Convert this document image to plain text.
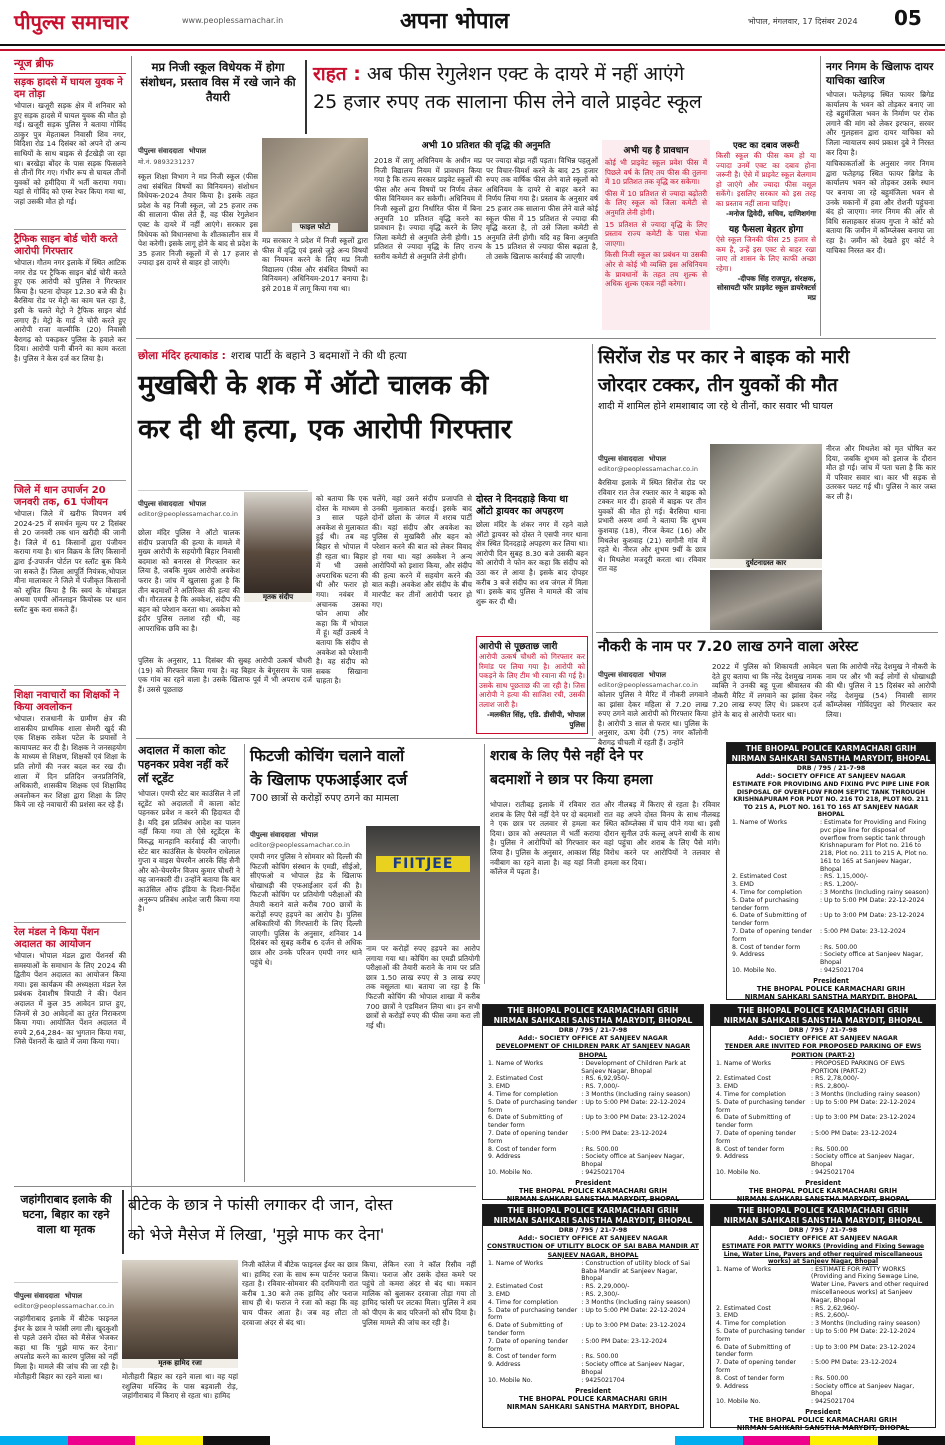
पीपुल्स समाचार	www.peoplessamachar.in	अपना भोपाल	भोपाल, मंगलवार, 17 दिसंबर 2024 05
न्यूज ब्रीफ
सड़क हादसे में घायल युवक ने दम तोड़ा
भोपाल। खजूरी सड़क क्षेत्र में शनिवार को हुए सड़क हादसे में घायल युवक की मौत हो गई। खजूरी सड़क पुलिस ने बताया गोविंद ठाकुर पुत्र मेहताबल निवासी शिव नगर, विदिशा रोड 14 दिसंबर को अपने दो अन्य साथियों के साथ बाइक से ईंटखेड़ी जा रहा था। बरखेड़ा बोंदर के पास सड़क फिसलने से तीनों गिर गए। गंभीर रूप से घायल तीनों युवकों को हमीदिया में भर्ती कराया गया। यहां से गोविंद को एम्स रेफर किया गया था, जहां उसकी मौत हो गई।
ट्रैफिक साइन बोर्ड चोरी करते आरोपी गिरफ्तार
भोपाल। गौतम नगर इलाके में स्थित आटिक नगर रोड पर ट्रैफिक साइन बोर्ड चोरी करते हुए एक आरोपी को पुलिस ने गिरफ्तार किया है। घटना दोपहर 12.30 बजे की है। बैरसिया रोड पर मेट्रो का काम चल रहा है, इसी के चलते मेट्रो ने ट्रैफिक साइन बोर्ड लगाए हैं। मेट्रो के गार्ड ने चोरी करते हुए आरोपी राजा वाल्मीकि (20) निवासी बैरागढ़ को पकड़कर पुलिस के हवाले कर दिया। आरोपी पानी बीनने का काम करता है। पुलिस ने केस दर्ज कर लिया है।
जिले में धान उपार्जन 20 जनवरी तक, 61 पंजीयन
भोपाल। जिले में खरीफ विपणन वर्ष 2024-25 में समर्थन मूल्य पर 2 दिसंबर से 20 जनवरी तक धान खरीदी की जानी है। जिले में 61 किसानों द्वारा पंजीयन कराया गया है। धान विक्रय के लिए किसानों द्वारा ई-उपार्जन पोर्टल पर स्लॉट बुक किये जा सकते हैं। जिला आपूर्ति नियंत्रक,भोपाल मीना मालाकार ने जिले में पंजीकृत किसानों को सूचित किया है कि स्वयं के मोबाइल अथवा एमपी ऑनलाइन कियोस्क पर धान स्लॉट बुक करा सकते हैं।
शिक्षा नवाचारों का शिक्षकों ने किया अवलोकन
भोपाल। राजधानी के ग्रामीण क्षेत्र की शासकीय प्राथमिक शाला सेमरी खुर्द की एक शिक्षक राकेश पटेल के प्रयासों ने कायापलट कर दी है। शिक्षक ने जनसहयोग के माध्यम से शिक्षण, शिक्षकों एवं शिक्षा के प्रति लोगों की नजर बदल कर रख दी। शाला में दिन प्रतिदिन जनप्रतिनिधि, अधिकारी, शासकीय शिक्षक एवं शिक्षाविद अवलोकन कर शिक्षा द्वारा शिक्षा के लिए किये जा रहे नवाचारों की प्रशंसा कर रहे हैं।
रेल मंडल ने किया पेंशन अदालत का आयोजन
भोपाल। भोपाल मंडल द्वारा पेंशनर्स की समस्याओं के समाधान के लिए 2024 की द्वितीय पेंशन अदालत का आयोजन किया गया। इस कार्यक्रम की अध्यक्षता मंडल रेल प्रबंधक देवाशीष त्रिपाठी ने की। पेंशन अदालत में कुल 35 आवेदन प्राप्त हुए, जिनमें से 30 आवेदनों का तुरंत निराकरण किया गया। आयोजित पेंशन अदालत में रुपये 2,64,284- का भुगतान किया गया, जिसे पेंशनरों के खाते में जमा किया गया।
मप्र निजी स्कूल विधेयक में होगा संशोधन, प्रस्ताव विस में रखे जाने की तैयारी
राहत : अब फीस रेगुलेशन एक्ट के दायरे में नहीं आएंगे
25 हजार रुपए तक सालाना फीस लेने वाले प्राइवेट स्कूल
पीपुल्स संवाददाता भोपाल
मो.नं. 9893231237
फाइल फोटो
स्कूल शिक्षा विभाग ने मप्र निजी स्कूल (फीस तथा संबंधित विषयों का विनियमन) संशोधन विधेयक-2024 तैयार किया है। इसके तहत प्रदेश के वह निजी स्कूल, जो 25 हजार तक की सालाना फीस लेते हैं, वह फीस रेगुलेशन एक्ट के दायरे में नहीं आएंगे। सरकार इस विधेयक को विधानसभा के शीतकालीन सत्र में पेश करेगी। इसके लागू होने के बाद से प्रदेश के 35 हजार निजी स्कूलों में से 17 हजार से ज्यादा इस दायरे से बाहर हो जाएंगे।
मप्र सरकार ने प्रदेश में निजी स्कूलों द्वारा फीस में वृद्धि एवं इससे जुड़े अन्य विषयों का नियमन करने के लिए मप्र निजी विद्यालय (फीस और संबंधित विषयों का विनियमन) अधिनियम-2017 बनाया है। इसे 2018 में लागू किया गया था।
अभी 10 प्रतिशत की वृद्धि की अनुमति
2018 में लागू अधिनियम के अधीन मप्र निजी विद्यालय नियम में प्रावधान किया गया है कि राज्य सरकार प्राइवेट स्कूलों की फीस और अन्य विषयों पर निर्णय लेकर फीस विनियमन कर सकेगी। अधिनियम में निजी स्कूलों द्वारा निर्धारित फीस में बिना अनुमति 10 प्रतिशत वृद्धि करने का प्रावधान है। ज्यादा वृद्धि करने के लिए जिला कमेटी से अनुमति लेनी होगी। 15 प्रतिशत से ज्यादा वृद्धि के लिए राज्य स्तरीय कमेटी से अनुमति लेनी होगी।
पर ज्यादा बोझ नहीं पड़ता। विभिन्न पहलुओं पर विचार-विमर्श करने के बाद 25 हजार रुपए तक वार्षिक फीस लेने वाले स्कूलों को अधिनियम के दायरे से बाहर करने का निर्णय लिया गया है। प्रस्ताव के अनुसार वर्ष 25 हजार तक सालाना फीस लेने वाले कोई स्कूल फीस में 15 प्रतिशत से ज्यादा की वृद्धि करता है, तो उसे जिला कमेटी से अनुमति लेनी होगी। यदि वह बिना अनुमति के 15 प्रतिशत से ज्यादा फीस बढ़ाता है, तो उसके खिलाफ कार्रवाई की जाएगी।
अभी यह है प्रावधान
कोई भी प्राइवेट स्कूल प्रवेश फीस में पिछले वर्ष के लिए तय फीस की तुलना में 10 प्रतिशत तक वृद्धि कर सकेगा।
फीस में 10 प्रतिशत से ज्यादा बढ़ोतरी के लिए स्कूल को जिला कमेटी से अनुमति लेनी होगी।
15 प्रतिशत से ज्यादा वृद्धि के लिए प्रस्ताव राज्य कमेटी के पास भेजा जाएगा।
किसी निजी स्कूल का प्रबंधन या उसकी ओर से कोई भी व्यक्ति इस अधिनियम के प्रावधानों के तहत तय शुल्क से अधिक शुल्क एकत्र नहीं करेगा।
एक्ट का दबाव जरूरी
किसी स्कूल की फीस कम हो या ज्यादा उनमें एक्ट का दबाव होना जरूरी है। ऐसे में प्राइवेट स्कूल बेलगाम हो जाएंगे और ज्यादा फीस वसूल सकेंगे। इसलिए सरकार को इस तरह का प्रस्ताव नहीं लाना चाहिए।
-मनोज द्विवेदी, सचिव, दाणिशगंगा
यह फैसला बेहतर होगा
ऐसे स्कूल जिनकी फीस 25 हजार से कम है, उन्हें इस एक्ट से बाहर रखा जाए तो शासन के लिए काफी अच्छा रहेगा।
-दीपक सिंह राजपूत, संरक्षक, सोसायटी फॉर प्राइवेट स्कूल डायरेक्टर्स मप्र
नगर निगम के खिलाफ दायर याचिका खारिज
भोपाल। फतेहगढ़ स्थित फायर ब्रिगेड कार्यालय के भवन को तोड़कर बनाए जा रहे बहुमंजिला भवन के निर्माण पर रोक लगाने की मांग को लेकर इरफान, सरवर और गुलहसन द्वारा दायर याचिका को जिला न्यायालय स्वयं प्रकाश दुबे ने निरस्त कर दिया है।
याचिकाकर्ताओं के अनुसार नगर निगम द्वारा फतेहगढ़ स्थित फायर ब्रिगेड के कार्यालय भवन को तोड़कर उसके स्थान पर बनाया जा रहे बहुमंजिला भवन से उनके मकानों में हवा और रोशनी पहुंचना बंद हो जाएगा। नगर निगम की ओर से विधि सलाहकार संजय गुप्ता ने कोर्ट को बताया कि जमीन में कॉम्प्लेक्स बनाया जा रहा है। जमीन को देखते हुए कोर्ट ने याचिका निरस्त कर दी।
छोला मंदिर हत्याकांड : शराब पार्टी के बहाने 3 बदमाशों ने की थी हत्या
मुखबिरी के शक में ऑटो चालक की
कर दी थी हत्या, एक आरोपी गिरफ्तार
पीपुल्स संवाददाता भोपाल
editor@peoplessamachar.co.in
मृतक संदीप
छोला मंदिर पुलिस ने ऑटो चालक संदीप प्रजापति की हत्या के मामले में मुख्य आरोपी के सहयोगी बिहार निवासी बदमाश को बनारस से गिरफ्तार कर लिया है, जबकि मुख्य आरोपी अवकेश फरार है। जांच में खुलासा हुआ है कि तीन बदमाशों ने अतिरिक्त की हत्या की थी। गौरतलब है कि अवकेश, संदीप की बहन को परेशान करता था। अवकेश को इंदौर पुलिस तलाश रही थी, वह आपराधिक छवि का है।
पुलिस के अनुसार, 11 दिसंबर की सुबह आरोपी उत्कर्ष चौधरी (19) को गिरफ्तार किया गया है। वह बिहार के बेगूसराय के पास एक गांव का रहने वाला है। उसके खिलाफ पूर्व में भी अपराध दर्ज हैं। उससे पूछताछ
को बताया कि एक दोस्त के माध्यम से 3 साल पहले अवकेश से मुलाकात हुई थी। तब वह बिहार से भोपाल में ही रहता था। बिहार में भी उससे अपराधिक घटना की थी और फरार हो गया। नवंबर में अचानक उसका फोन आया और कहा कि मैं भोपाल में हूं। यहीं उत्कर्ष ने बताया कि संदीप से अवकेश को परेशानी है। वह संदीप को सबक सिखाना चाहता है।
चलेंगे, वहां उसने संदीप प्रजापति से उनकी मुलाकात कराई। इसके बाद दोनों छोला के जंगल में शराब पार्टी की। यहां संदीप और अवकेश का पुलिस से मुखबिरी और बहन को परेशान करने की बात को लेकर विवाद हो गया था। यहां अवकेश ने अन्य आरोपियों को इशारा किया, और संदीप की हत्या करने में सहयोग करने की बात कही। अवकेश और संदीप के बीच मारपीट कर तीनों आरोपी फरार हो गए।
दोस्त ने दिनदहाड़े किया था ऑटो ड्रायवर का अपहरण
छोला मंदिर के शंकर नगर में रहने वाले ऑटो ड्रायवर को दोस्त ने एसपी नगर थाना क्षेत्र स्थित दिनदहाड़े अपहरण कर लिया था। आरोपी दिन सुबह 8.30 बजे उसकी बहन को आरोपी ने फोन कर कहा कि संदीप को उठा कर ले आया है। इसके बाद दोपहर करीब 3 बजे संदीप का शव जंगल में मिला था। इसके बाद पुलिस ने मामले की जांच शुरू कर दी थी।
आरोपी से पूछताछ जारी
आरोपी उत्कर्ष चौधरी को गिरफ्तार कर रिमांड पर लिया गया है। आरोपी को पकड़ने के लिए टीम भी रवाना की गई है। उसके साथ पूछताछ की जा रही है। जिस आरोपी ने हत्या की साजिश रची, उसकी तलाश जारी है।
-मलकीत सिंह, एडि. डीसीपी, भोपाल पुलिस
सिरोंज रोड पर कार ने बाइक को मारी
जोरदार टक्कर, तीन युवकों की मौत
शादी में शामिल होने शमशाबाद जा रहे थे तीनों, कार सवार भी घायल
पीपुल्स संवाददाता भोपाल
editor@peoplessamachar.co.in
बैरसिया इलाके में स्थित सिरोंज रोड पर रविवार रात तेज रफ्तार कार ने बाइक को टक्कर मार दी। हादसे में बाइक पर तीन युवकों की मौत हो गई। बैरसिया थाना प्रभारी अरुण शर्मा ने बताया कि शुभम कुशवाह (18), नीरज केवट (16) और मिथलेश कुशवाह (21) सागौनी गांव में रहते थे। नीरज और शुभम 9वीं के छात्र थे। मिथलेश मजदूरी करता था। रविवार रात वह
दुर्घटनाग्रस्त कार
नीरज और मिथलेश को मृत घोषित कर दिया, जबकि शुभम को इलाज के दौरान मौत हो गई। जांच में पता चला है कि कार में परिवार सवार था। कार भी सड़क से उतरकर पलट गई थी। पुलिस ने कार जब्त कर ली है।
नौकरी के नाम पर 7.20 लाख ठगने वाला अरेस्ट
पीपुल्स संवाददाता भोपाल
editor@peoplessamachar.co.in
कोलार पुलिस ने मैरिट में नौकरी लगवाने का झांसा देकर महिला से 7.20 लाख रुपए ठगने वाले आरोपी को गिरफ्तार किया है। आरोपी 3 साल से फरार था। पुलिस के अनुसार, ऊषा देवी (75) नगर कॉलोनी बैरागढ़ चीचली में रहती हैं। उन्होंने
2022 में पुलिस को शिकायती आवेदन देते हुए बताया था कि नरेंद्र देशमुख नामक व्यक्ति ने उनकी बहू पूजा श्रीवास्तव की नौकरी मैरिट में लगवाने का झांसा देकर 7.20 लाख रुपए लिए थे। प्रकरण दर्ज होने के बाद से आरोपी फरार था।
चला कि आरोपी नरेंद्र देशमुख ने नौकरी के नाम पर और भी कई लोगों से धोखाधड़ी की थी। पुलिस ने 15 दिसंबर को आरोपी नरेंद्र देशमुख (54) निवासी सागर कॉम्प्लेक्स गोविंदपुरा को गिरफ्तार कर लिया।
अदालत में काला कोट पहनकर प्रवेश नहीं करें लॉ स्टूडेंट
भोपाल। एमपी स्टेट बार काउंसिल ने लॉ स्टूडेंट को अदालतों में काला कोट पहनकर प्रवेश न करने की हिदायत दी है। यदि इस प्रतिबंध आदेश का पालन नहीं किया गया तो ऐसे स्टूडेंट्स के विरुद्ध मानहानि कार्रवाई की जाएगी। स्टेट बार काउंसिल के चेयरमैन राधेलाल गुप्ता व वाइस चेयरमैन आरके सिंह सैनी और को-चेयरमैन विजय कुमार चौधरी ने यह जानकारी दी। उन्होंने बताया कि बार काउंसिल ऑफ इंडिया के दिशा-निर्देश अनुरूप प्रतिबंध आदेश जारी किया गया है।
फिटजी कोचिंग चलाने वालों
के खिलाफ एफआईआर दर्ज
700 छात्रों से करोड़ों रुपए ठगने का मामला
पीपुल्स संवाददाता भोपाल
editor@peoplessamachar.co.in
एमपी नगर पुलिस ने सोमवार को दिल्ली की फिटजी कोचिंग संस्थान के एमडी, सीईओ, सीएफओ व भोपाल हेड के खिलाफ धोखाधड़ी की एफआईआर दर्ज की है। फिटजी कोचिंग पर प्रतियोगी परीक्षाओं की तैयारी कराने वाले करीब 700 छात्रों के करोड़ों रुपए हड़पने का आरोप है। पुलिस अधिकारियों की गिरफ्तारी के लिए दिल्ली जाएगी। पुलिस के अनुसार, शनिवार 14 दिसंबर को सुबह करीब 6 दर्जन से अधिक छात्र और उनके परिजन एमपी नगर थाने पहुंचे थे।
FIITJEE
नाम पर करोड़ों रुपए हड़पने का आरोप लगाया गया था। कोचिंग का एमडी प्रतियोगी परीक्षाओं की तैयारी कराने के नाम पर प्रति छात्र 1.50 लाख रुपए से 3 लाख रुपए तक वसूलता था। बताया जा रहा है कि फिटजी कोचिंग की भोपाल शाखा में करीब 700 छात्रों ने एडमिशन लिया था। इन सभी छात्रों से करोड़ों रुपए की फीस जमा करा ली गई थी।
शराब के लिए पैसे नहीं देने पर
बदमाशों ने छात्र पर किया हमला
भोपाल। रातीबड़ इलाके में रविवार रात शराब के लिए पैसे नहीं देने पर दो बदमाशों ने एक छात्र पर तलवार से हमला कर दिया। छात्र को अस्पताल में भर्ती कराया है। पुलिस ने आरोपियों को गिरफ्तार कर लिया है। पुलिस के अनुसार, आकाश सिंह नवीबाग का रहने वाला है। वह यहां निजी कॉलेज में पढ़ता है।
और नीलबड़ में किराए से रहता है। रविवार रात वह अपने दोस्त विनय के साथ नीलबड़ स्थित कॉम्प्लेक्स में चाय पीने गया था। इसी दौरान सुनील उर्फ कल्लू अपने साथी के साथ वहां पहुंचा और शराब के लिए पैसे मांगे। विरोध करने पर आरोपियों ने तलवार से हमला कर दिया।
THE BHOPAL POLICE KARMACHARI GRIH
NIRMAN SAHKARI SANSTHA MARYDIT, BHOPAL
DRB / 795 / 21-7-98
Add:- SOCIETY OFFICE AT SANJEEV NAGAR
ESTIMATE FOR PROVIDING AND FIXING PVC PIPE LINE FOR DISPOSAL OF OVERFLOW FROM SEPTIC TANK THROUGH KRISHNAPURAM FOR PLOT NO. 216 TO 218, PLOT NO. 211 TO 215 A, PLOT NO. 161 TO 165 AT SANJEEV NAGAR BHOPAL
1. Name of Works	: Estimate for Providing and Fixing pvc pipe line for disposal of overflow from septic tank through Krishnapuram for Plot no. 216 to 218, Plot no. 211 to 215 A, Plot no. 161 to 165 at Sanjeev Nagar, Bhopal
2. Estimated Cost	: RS. 1,15,000/-
3. EMD	: RS. 1,200/-
4. Time for completion	: 3 Months (Including rainy season)
5. Date of purchasing tender form	: Up to 5:00 PM Date: 22-12-2024
6. Date of Submitting of tender form	: Up to 3:00 PM Date: 23-12-2024
7. Date of opening tender form	: 5:00 PM Date: 23-12-2024
8. Cost of tender form	: Rs. 500.00
9. Address	: Society office at Sanjeev Nagar, Bhopal
10. Mobile No.	: 9425021704
President
THE BHOPAL POLICE KARMACHARI GRIH
NIRMAN SAHKARI SANSTHA MARYDIT, BHOPAL
THE BHOPAL POLICE KARMACHARI GRIH
NIRMAN SAHKARI SANSTHA MARYDIT, BHOPAL
DRB / 795 / 21-7-98
Add:- SOCIETY OFFICE AT SANJEEV NAGAR
DEVELOPMENT OF CHILDREN PARK AT SANJEEV NAGAR BHOPAL
1. Name of Works	: Development of Children Park at Sanjeev Nagar, Bhopal
2. Estimated Cost	: RS. 6,92,950/-
3. EMD	: RS. 7,000/-
4. Time for completion	: 3 Months (Including rainy season)
5. Date of purchasing tender form	: Up to 5:00 PM Date: 22-12-2024
6. Date of Submitting of tender form	: Up to 3:00 PM Date: 23-12-2024
7. Date of opening tender form	: 5:00 PM Date: 23-12-2024
8. Cost of tender form	: Rs. 500.00
9. Address	: Society office at Sanjeev Nagar, Bhopal
10. Mobile No.	: 9425021704
President
THE BHOPAL POLICE KARMACHARI GRIH
NIRMAN SAHKARI SANSTHA MARYDIT, BHOPAL
THE BHOPAL POLICE KARMACHARI GRIH
NIRMAN SAHKARI SANSTHA MARYDIT, BHOPAL
DRB / 795 / 21-7-98
Add:- SOCIETY OFFICE AT SANJEEV NAGAR
TENDER ARE INVITED FOR PROPOSED PARKING OF EWS PORTION (PART-2)
1. Name of Works	: PROPOSED PARKING OF EWS PORTION (PART-2)
2. Estimated Cost	: RS. 2,78,000/-
3. EMD	: RS. 2,800/-
4. Time for completion	: 3 Months (Including rainy season)
5. Date of purchasing tender form	: Up to 5:00 PM Date: 22-12-2024
6. Date of Submitting of tender form	: Up to 3:00 PM Date: 23-12-2024
7. Date of opening tender form	: 5:00 PM Date: 23-12-2024
8. Cost of tender form	: Rs. 500.00
9. Address	: Society office at Sanjeev Nagar, Bhopal
10. Mobile No.	: 9425021704
President
THE BHOPAL POLICE KARMACHARI GRIH
NIRMAN SAHKARI SANSTHA MARYDIT, BHOPAL
THE BHOPAL POLICE KARMACHARI GRIH
NIRMAN SAHKARI SANSTHA MARYDIT, BHOPAL
DRB / 795 / 21-7-98
Add:- SOCIETY OFFICE AT SANJEEV NAGAR
CONSTRUCTION OF UTILITY BLOCK OF SAI BABA MANDIR AT SANJEEV NAGAR, BHOPAL
1. Name of Works	: Construction of utility block of Sai Baba Mandir at Sanjeev Nagar, Bhopal
2. Estimated Cost	: RS. 2,29,000/-
3. EMD	: RS. 2,300/-
4. Time for completion	: 3 Months (Including rainy season)
5. Date of purchasing tender form	: Up to 5:00 PM Date: 22-12-2024
6. Date of Submitting of tender form	: Up to 3:00 PM Date: 23-12-2024
7. Date of opening tender form	: 5:00 PM Date: 23-12-2024
8. Cost of tender form	: Rs. 500.00
9. Address	: Society office at Sanjeev Nagar, Bhopal
10. Mobile No.	: 9425021704
President
THE BHOPAL POLICE KARMACHARI GRIH
NIRMAN SAHKARI SANSTHA MARYDIT, BHOPAL
THE BHOPAL POLICE KARMACHARI GRIH
NIRMAN SAHKARI SANSTHA MARYDIT, BHOPAL
DRB / 795 / 21-7-98
Add:- SOCIETY OFFICE AT SANJEEV NAGAR
ESTIMATE FOR PATTY WORKS (Providing and Fixing Sewage Line, Water Line, Pavers and other required miscellaneous works) at Sanjeev Nagar, Bhopal
1. Name of Works	: ESTIMATE FOR PATTY WORKS (Providing and Fixing Sewage Line, Water Line, Pavers and other required miscellaneous works) at Sanjeev Nagar, Bhopal
2. Estimated Cost	: RS. 2,62,960/-
3. EMD	: RS. 2,600/-
4. Time for completion	: 3 Months (Including rainy season)
5. Date of purchasing tender form	: Up to 5:00 PM Date: 22-12-2024
6. Date of Submitting of tender form	: Up to 3:00 PM Date: 23-12-2024
7. Date of opening tender form	: 5:00 PM Date: 23-12-2024
8. Cost of tender form	: Rs. 500.00
9. Address	: Society office at Sanjeev Nagar, Bhopal
10. Mobile No.	: 9425021704
President
THE BHOPAL POLICE KARMACHARI GRIH
NIRMAN SAHKARI SANSTHA MARYDIT, BHOPAL
जहांगीराबाद इलाके की घटना, बिहार का रहने वाला था मृतक
बीटेक के छात्र ने फांसी लगाकर दी जान, दोस्त
को भेजे मैसेज में लिखा, 'मुझे माफ कर देना'
पीपुल्स संवाददाता भोपाल
editor@peoplessamachar.co.in
जहांगीराबाद इलाके में बीटेक फाइनल ईयर के छात्र ने फांसी लगा ली। खुदकुशी से पहले उसने दोस्त को मैसेज भेजकर कहा था कि 'मुझे माफ कर देना।' अपलोड करने का कारण पुलिस को नहीं मिला है। मामले की जांच की जा रही है। मोतीहारी बिहार का रहने वाला था।
मृतक हामिद रजा
मोतीहारी बिहार का रहने वाला था। वह यहां रशुलिया मस्जिद के पास बड़वाली रोड़, जहांगीराबाद में किराए से रहता था। हामिद
निजी कॉलेज में बीटेक फाइनल ईयर का छात्र था। हामिद रजा के साथ रूम पार्टनर फराज रहता है। रविवार-सोमवार की दरमियानी रात करीब 1.30 बजे तक हामिद और फराज साथ ही थे। फराज ने रजा को कहा कि वह चाय पीकर आता है। जब वह लौटा तो दरवाजा अंदर से बंद था।
किया, लेकिन रजा ने कॉल रिसीव नहीं किया। फराज और उसके दोस्त कमरे पर पहुंचे तो कमरा अंदर से बंद था। मकान मालिक को बुलाकर दरवाजा तोड़ा गया तो हामिद फांसी पर लटका मिला। पुलिस ने शव को पीएम के बाद परिजनों को सौंप दिया है। पुलिस मामले की जांच कर रही है।
